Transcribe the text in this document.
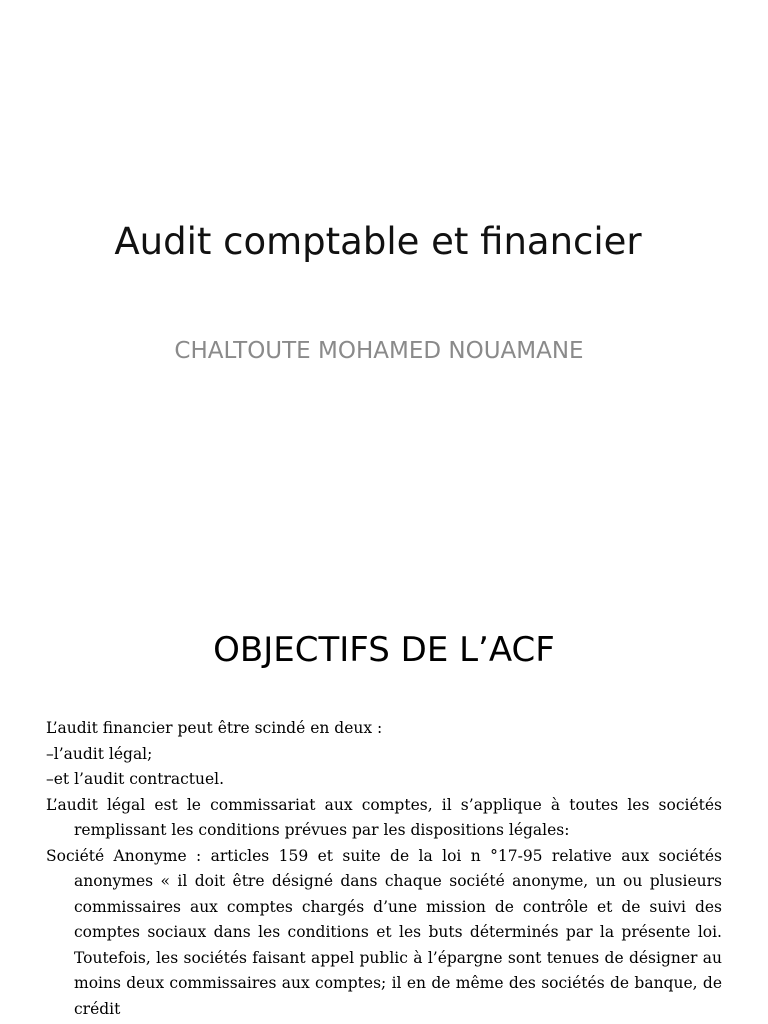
Audit comptable et financier
CHALTOUTE MOHAMED NOUAMANE
OBJECTIFS DE L’ACF

L’audit financier peut être scindé en deux :

–l’audit légal;

–et l’audit contractuel.

L’audit légal est le commissariat aux comptes, il s’applique à toutes les sociétés remplissant les conditions prévues par les dispositions légales:

Société Anonyme : articles 159 et suite de la loi n °17-95 relative aux sociétés anonymes « il doit être désigné dans chaque société anonyme, un ou plusieurs commissaires aux comptes chargés d’une mission de contrôle et de suivi des comptes sociaux dans les conditions et les buts déterminés par la présente loi. Toutefois, les sociétés faisant appel public à l’épargne sont tenues de désigner au moins deux commissaires aux comptes; il en de même des sociétés de banque, de crédit
